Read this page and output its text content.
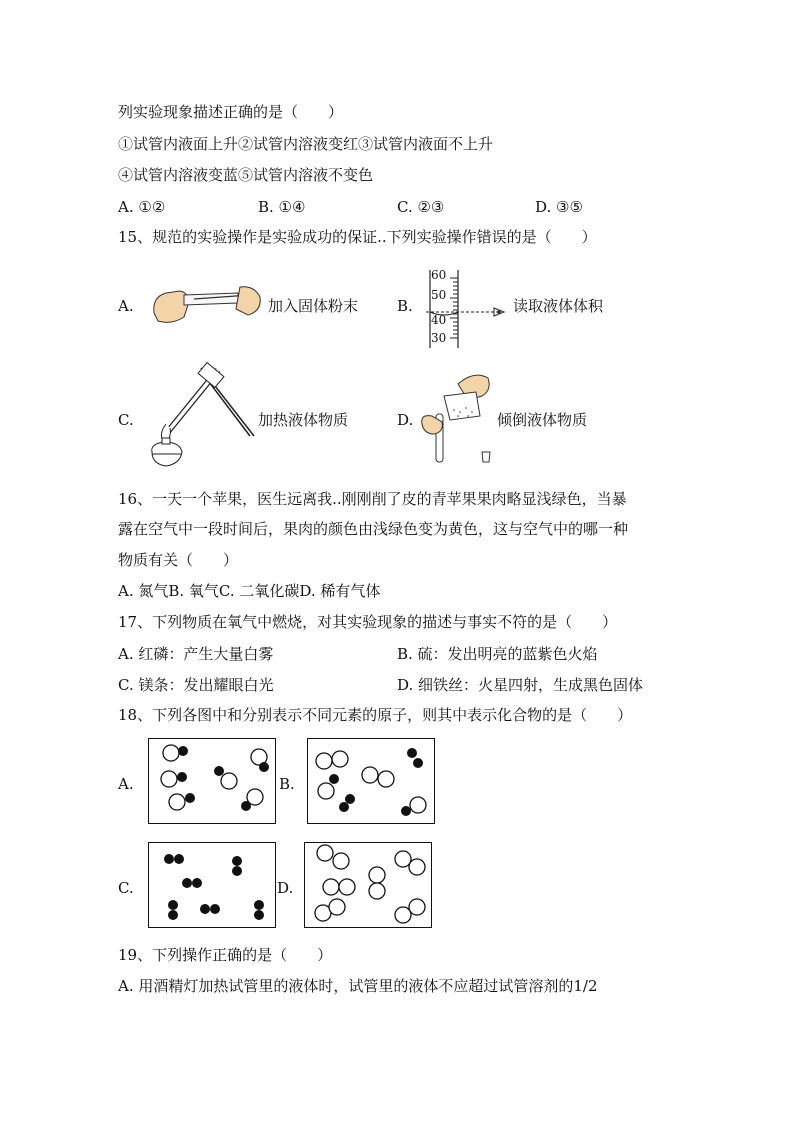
列实验现象描述正确的是（　　）
①试管内液面上升②试管内溶液变红③试管内液面不上升
④试管内溶液变蓝⑤试管内溶液不变色
A. ①②	B. ①④	C. ②③	D. ③⑤
15、规范的实验操作是实验成功的保证..下列实验操作错误的是（　　）
A.	加入固体粉末	B.
60
50
40
30
读取液体体积
C.	加热液体物质	D.	倾倒液体物质
16、一天一个苹果，医生远离我..刚刚削了皮的青苹果果肉略显浅绿色，当暴
露在空气中一段时间后，果肉的颜色由浅绿色变为黄色，这与空气中的哪一种
物质有关（　　）
A. 氮气B. 氧气C. 二氧化碳D. 稀有气体
17、下列物质在氧气中燃烧，对其实验现象的描述与事实不符的是（　　）
A. 红磷：产生大量白雾	B. 硫：发出明亮的蓝紫色火焰
C. 镁条：发出耀眼白光	D. 细铁丝：火星四射，生成黑色固体
18、下列各图中和分别表示不同元素的原子，则其中表示化合物的是（　　）
A.	B.
C.	D.
19、下列操作正确的是（　　）
A. 用酒精灯加热试管里的液体时，试管里的液体不应超过试管溶剂的1/2
